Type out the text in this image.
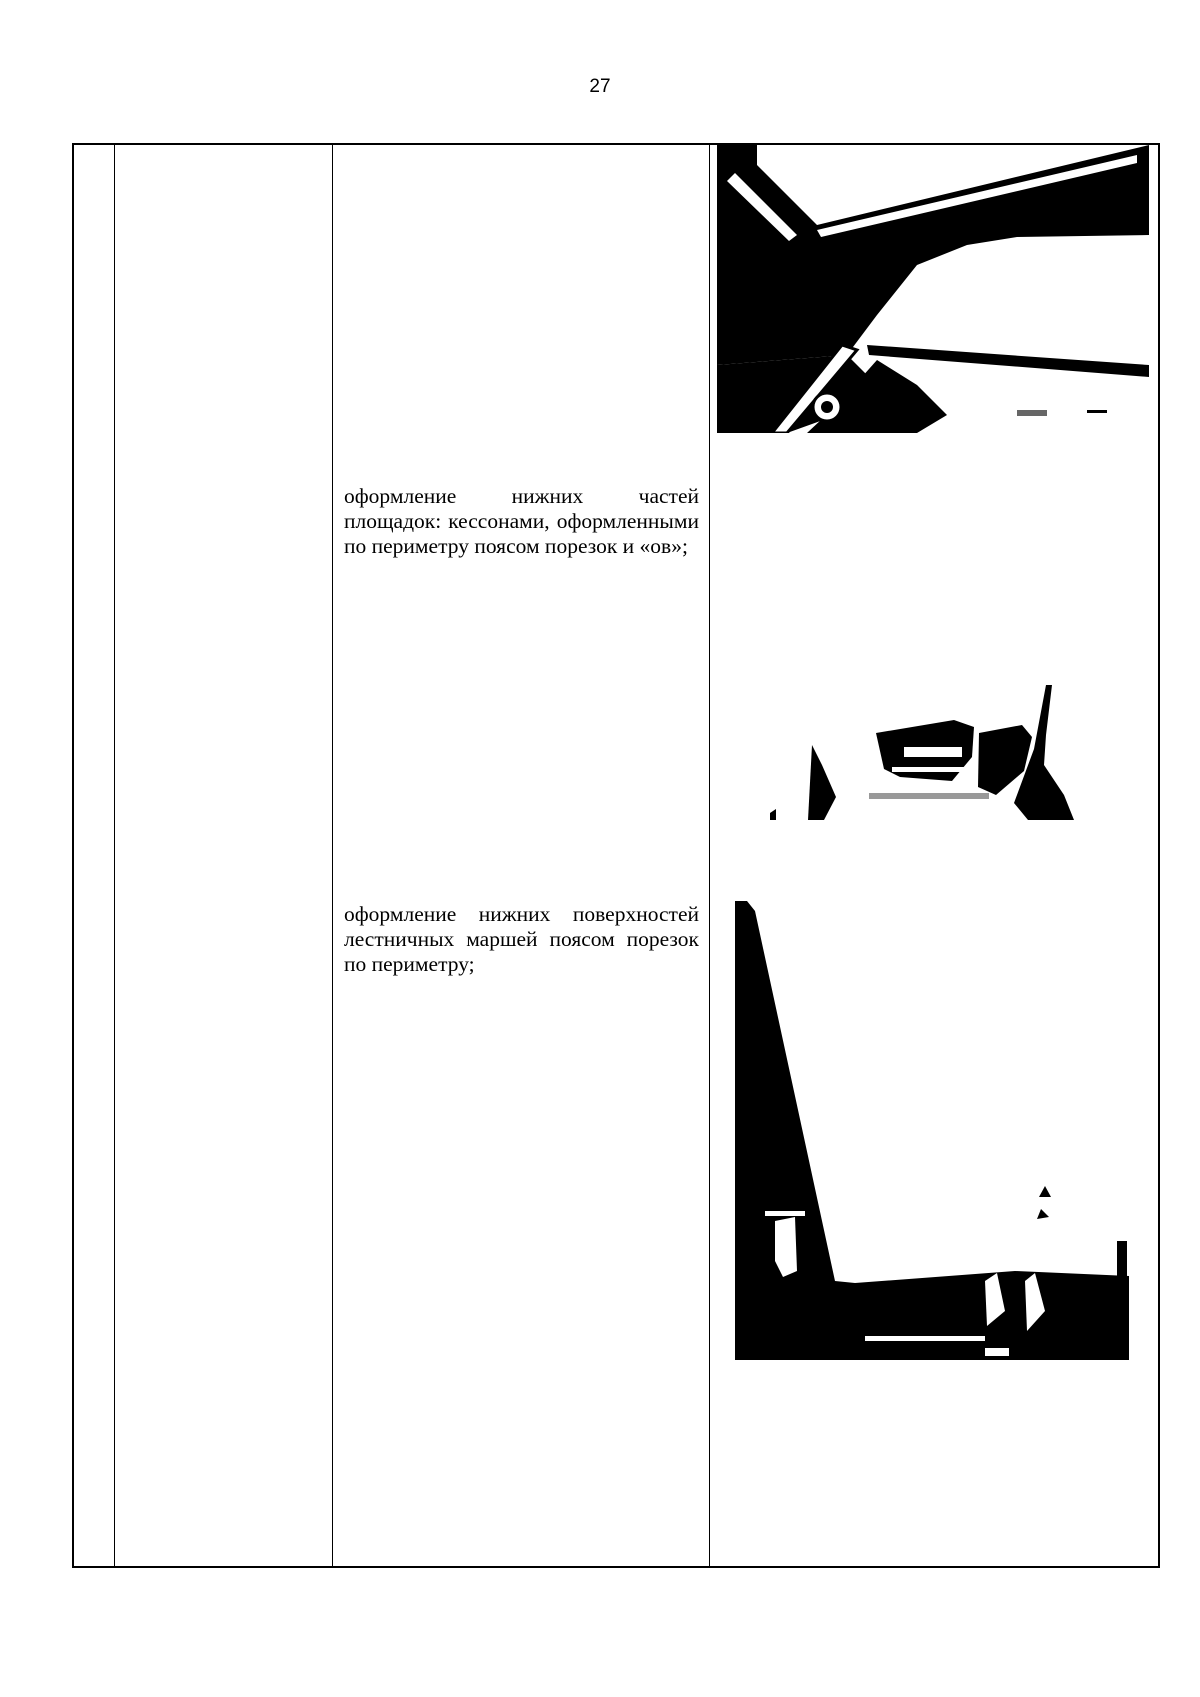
27
оформление нижних частей площадок: кессонами, оформленными по периметру поясом порезок и «ов»;
оформление нижних поверхностей лестничных маршей поясом порезок по периметру;
